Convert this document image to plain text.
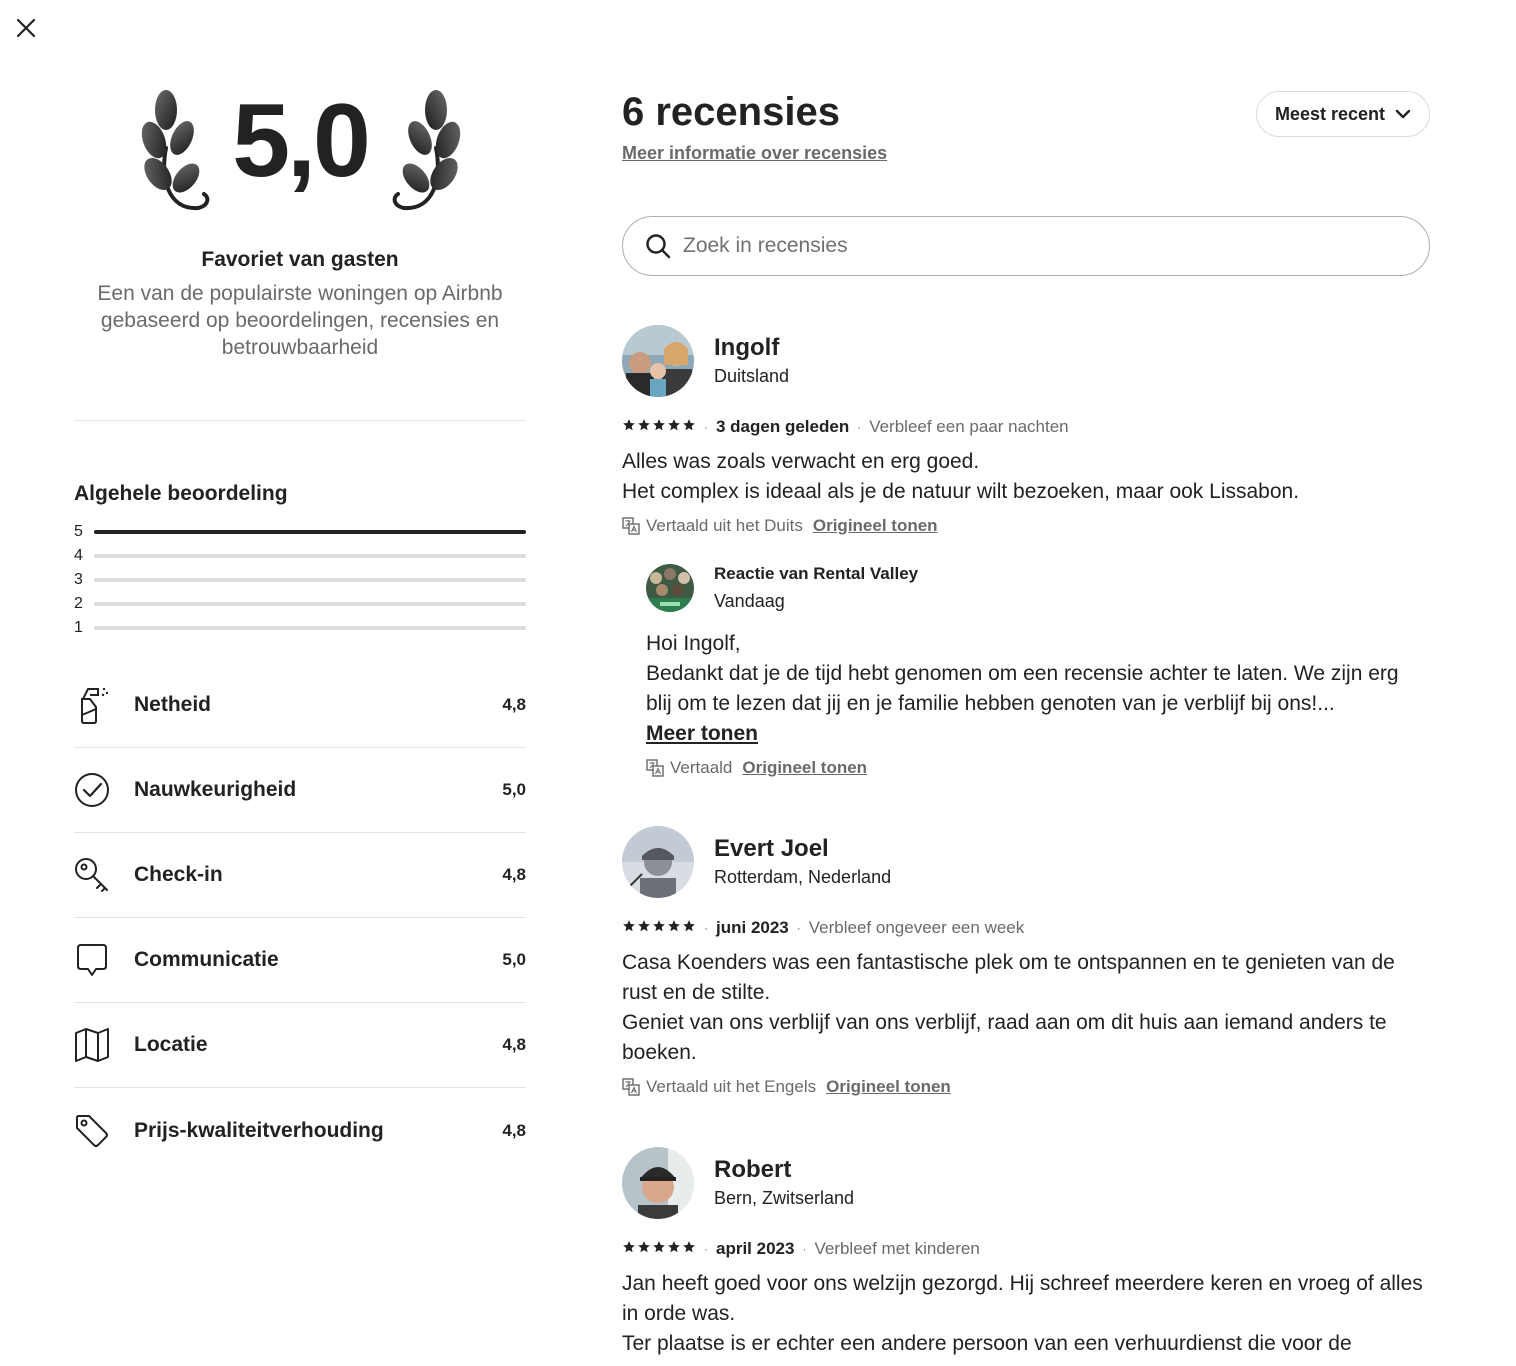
5,0
Favoriet van gasten
Een van de populairste woningen op Airbnb gebaseerd op beoordelingen, recensies en betrouwbaarheid
Algehele beoordeling
5
4
3
2
1
Netheid	4,8
Nauwkeurigheid	5,0
Check-in	4,8
Communicatie	5,0
Locatie	4,8
Prijs-kwaliteitverhouding	4,8
6 recensies
Meer informatie over recensies
Meest recent
Zoek in recensies
Ingolf
Duitsland
· 3 dagen geleden · Verbleef een paar nachten
Alles was zoals verwacht en erg goed.
Het complex is ideaal als je de natuur wilt bezoeken, maar ook Lissabon.
Vertaald uit het Duits Origineel tonen
Reactie van Rental Valley
Vandaag
Hoi Ingolf,
Bedankt dat je de tijd hebt genomen om een recensie achter te laten. We zijn erg blij om te lezen dat jij en je familie hebben genoten van je verblijf bij ons!...
Meer tonen
Vertaald Origineel tonen
Evert Joel
Rotterdam, Nederland
· juni 2023 · Verbleef ongeveer een week
Casa Koenders was een fantastische plek om te ontspannen en te genieten van de rust en de stilte.
Geniet van ons verblijf van ons verblijf, raad aan om dit huis aan iemand anders te boeken.
Vertaald uit het Engels Origineel tonen
Robert
Bern, Zwitserland
· april 2023 · Verbleef met kinderen
Jan heeft goed voor ons welzijn gezorgd. Hij schreef meerdere keren en vroeg of alles in orde was.
Ter plaatse is er echter een andere persoon van een verhuurdienst die voor de
